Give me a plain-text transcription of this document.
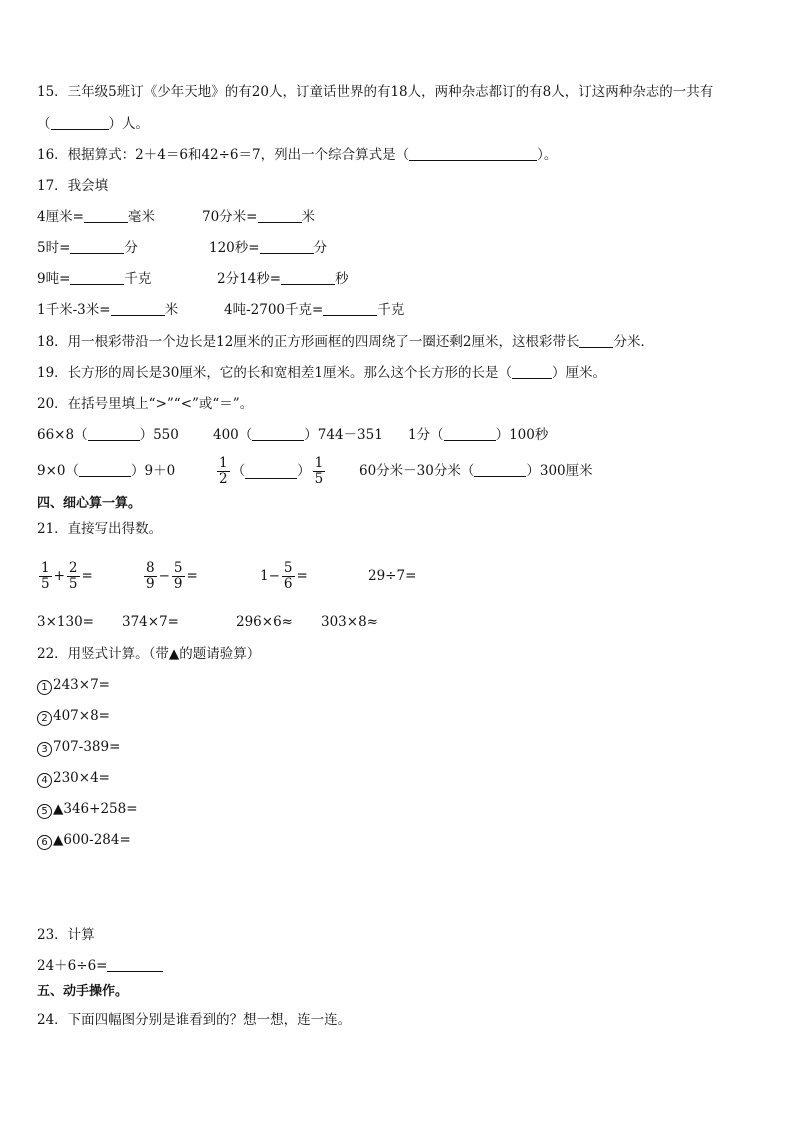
15．三年级5班订《少年天地》的有20人，订童话世界的有18人，两种杂志都订的有8人，订这两种杂志的一共有
（	）人。
16．根据算式：2＋4＝6和42÷6＝7，列出一个综合算式是（	）。
17．我会填
4厘米=	毫米	70分米=	米
5时=	分	120秒=	分
9吨=	千克	2分14秒=	秒
1千米-3米=	米	4吨-2700千克=	千克
18．用一根彩带沿一个边长是12厘米的正方形画框的四周绕了一圈还剩2厘米，这根彩带长	分米．
19．长方形的周长是30厘米，它的长和宽相差1厘米。那么这个长方形的长是（	）厘米。
20．在括号里填上“>”“<”或“＝”。
66×8（	）550	400（	）744－351 1分（	）100秒
9×0（	）9＋0	$\frac{1}{2}$ （	） $\frac{1}{5}$	60分米－30分米（	）300厘米
四、细心算一算。
21．直接写出得数。
$\frac{1}{5} + \frac{2}{5}$ =	$\frac{8}{9} - \frac{5}{9}$ =	$1- \frac{5}{6}$ =	29÷7=
3×130= 374×7=	296×6≈ 303×8≈
22．用竖式计算。（带▲的题请验算）
1 243×7=
2 407×8=
3 707-389=
4 230×4=
5 ▲346+258=
6 ▲600-284=
23．计算
24＋6÷6=
五、动手操作。
24．下面四幅图分别是谁看到的？想一想，连一连。
